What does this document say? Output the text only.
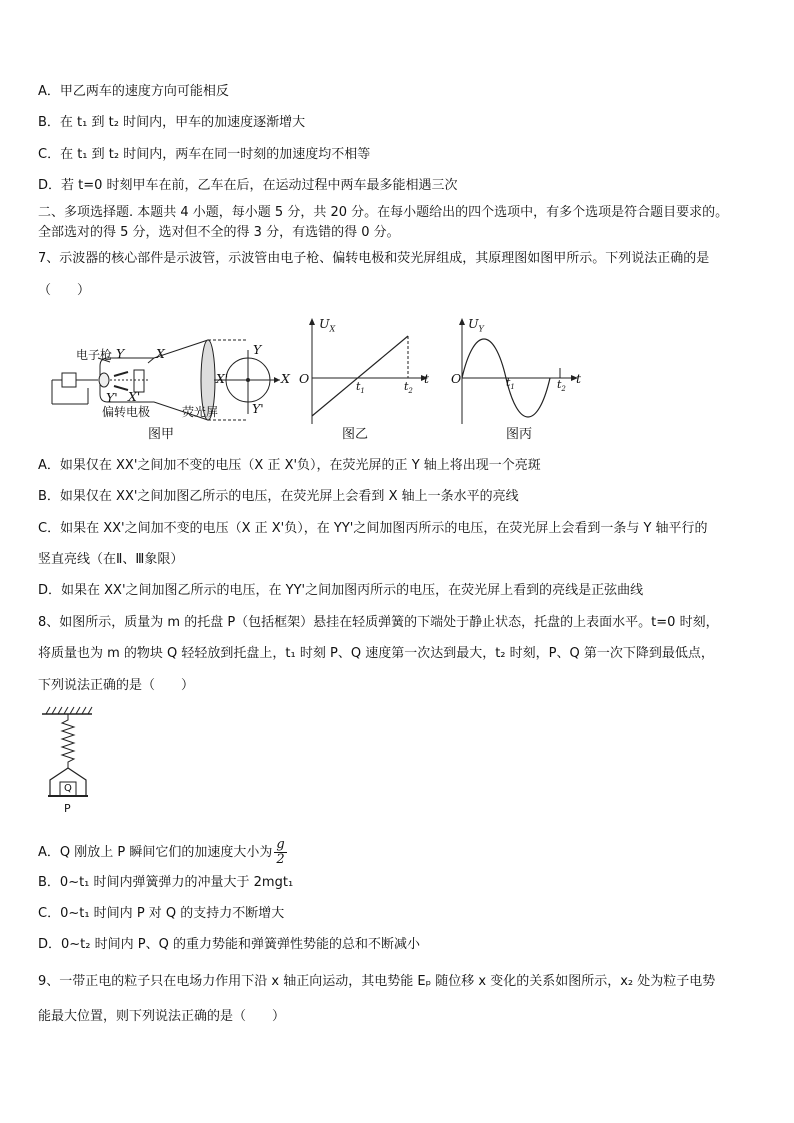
A．甲乙两车的速度方向可能相反
B．在 t₁ 到 t₂ 时间内，甲车的加速度逐渐增大
C．在 t₁ 到 t₂ 时间内，两车在同一时刻的加速度均不相等
D．若 t=0 时刻甲车在前，乙车在后，在运动过程中两车最多能相遇三次
二、多项选择题. 本题共 4 小题，每小题 5 分，共 20 分。在每小题给出的四个选项中，有多个选项是符合题目要求的。
全部选对的得 5 分，选对但不全的得 3 分，有选错的得 0 分。
7、示波器的核心部件是示波管，示波管由电子枪、偏转电极和荧光屏组成，其原理图如图甲所示。下列说法正确的是
（　　）
电子枪 Y	X
Y' X'
X'
Y
Y'
X
偏转电极	荧光屏
图甲
$U_X$
O	t
$t_1$	$t_2$
图乙
$U_Y$
O	t
$t_1$	$t_2$
图丙
A．如果仅在 XX'之间加不变的电压（X 正 X'负），在荧光屏的正 Y 轴上将出现一个亮斑
B．如果仅在 XX'之间加图乙所示的电压，在荧光屏上会看到 X 轴上一条水平的亮线
C．如果在 XX'之间加不变的电压（X 正 X'负），在 YY'之间加图丙所示的电压，在荧光屏上会看到一条与 Y 轴平行的
竖直亮线（在Ⅱ、Ⅲ象限）
D．如果在 XX'之间加图乙所示的电压，在 YY'之间加图丙所示的电压，在荧光屏上看到的亮线是正弦曲线
8、如图所示，质量为 m 的托盘 P（包括框架）悬挂在轻质弹簧的下端处于静止状态，托盘的上表面水平。t=0 时刻，
将质量也为 m 的物块 Q 轻轻放到托盘上，t₁ 时刻 P、Q 速度第一次达到最大，t₂ 时刻，P、Q 第一次下降到最低点，
下列说法正确的是（　　）
Q
P
A．Q 刚放上 P 瞬间它们的加速度大小为 $\frac{g}{2}$
B．0~t₁ 时间内弹簧弹力的冲量大于 2mgt₁
C．0~t₁ 时间内 P 对 Q 的支持力不断增大
D．0~t₂ 时间内 P、Q 的重力势能和弹簧弹性势能的总和不断减小
9、一带正电的粒子只在电场力作用下沿 x 轴正向运动，其电势能 Eₚ 随位移 x 变化的关系如图所示，x₂ 处为粒子电势
能最大位置，则下列说法正确的是（　　）
